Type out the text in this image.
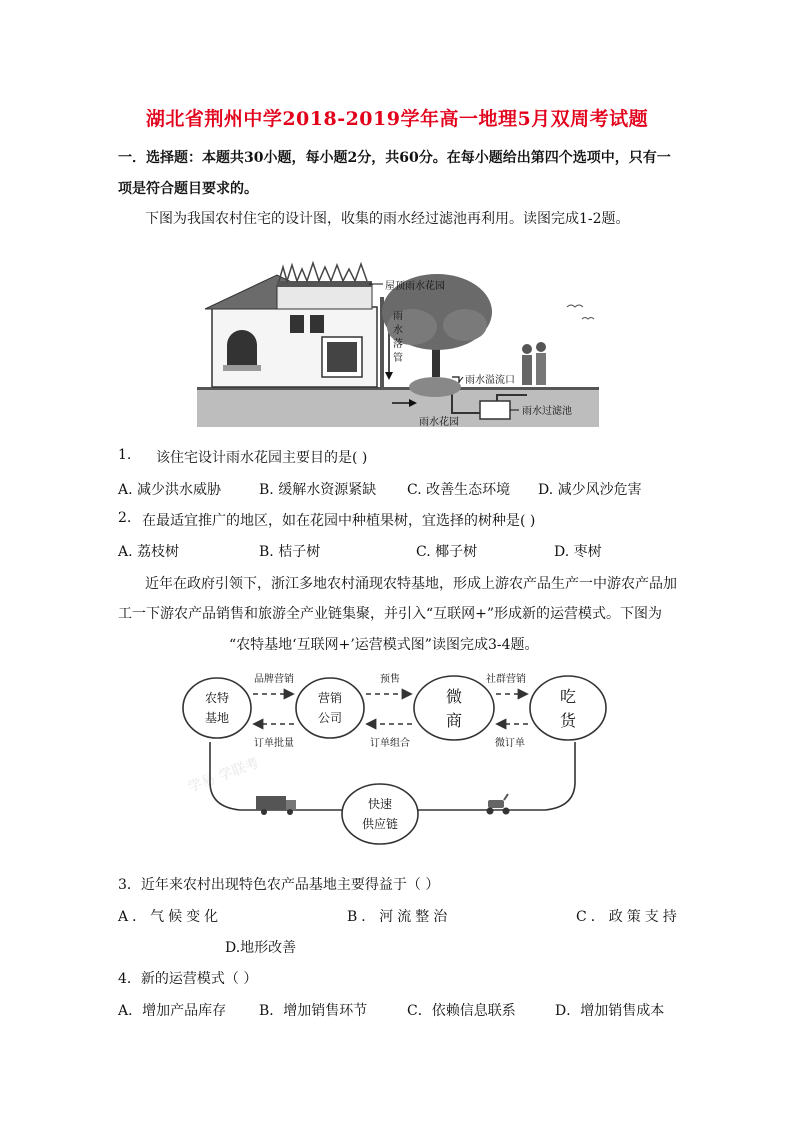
湖北省荆州中学2018-2019学年高一地理5月双周考试题
一．选择题：本题共30小题，每小题2分，共60分。在每小题给出第四个选项中，只有一
项是符合题目要求的。
下图为我国农村住宅的设计图，收集的雨水经过滤池再利用。读图完成1-2题。
屋顶雨水花园
雨
水
落
管
雨水溢流口
雨水花园
雨水过滤池
1. 该住宅设计雨水花园主要目的是( )
A. 减少洪水威胁	B. 缓解水资源紧缺 C. 改善生态环境 D. 减少风沙危害
2. 在最适宜推广的地区，如在花园中种植果树，宜选择的树种是( )
A. 荔枝树	B. 桔子树	C. 椰子树	D. 枣树
近年在政府引领下，浙江多地农村涌现农特基地，形成上游农产品生产一中游农产品加
工一下游农产品销售和旅游全产业链集聚，并引入“互联网+”形成新的运营模式。下图为
“农特基地‘互联网+’运营模式图”读图完成3-4题。
学易 学联考
农特
基地
营销
公司
微
商
吃
货
快速
供应链
品牌营销	预售	社群营销
订单批量	订单组合	微订单
3．近年来农村出现特色农产品基地主要得益于（ ）
A．气候变化	B．河流整治	C．政策支持
D.地形改善
4．新的运营模式（ ）
A．增加产品库存 B．增加销售环节	C．依赖信息联系	D．增加销售成本
